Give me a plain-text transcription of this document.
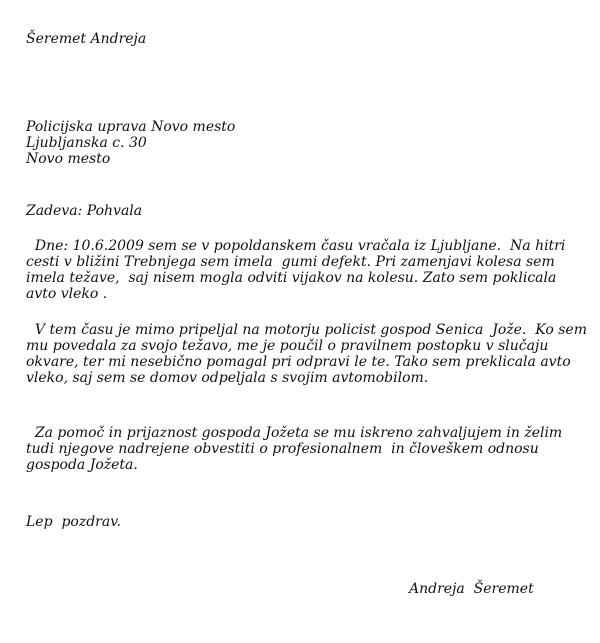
Šeremet Andreja
Policijska uprava Novo mesto
Ljubljanska c. 30
Novo mesto
Zadeva: Pohvala
Dne: 10.6.2009 sem se v popoldanskem času vračala iz Ljubljane.  Na hitri
cesti v bližini Trebnjega sem imela  gumi defekt. Pri zamenjavi kolesa sem
imela težave,  saj nisem mogla odviti vijakov na kolesu. Zato sem poklicala
avto vleko .
V tem času je mimo pripeljal na motorju policist gospod Senica  Jože.  Ko sem
mu povedala za svojo težavo, me je poučil o pravilnem postopku v slučaju
okvare, ter mi nesebično pomagal pri odpravi le te. Tako sem preklicala avto
vleko, saj sem se domov odpeljala s svojim avtomobilom.
Za pomoč in prijaznost gospoda Jožeta se mu iskreno zahvaljujem in želim
tudi njegove nadrejene obvestiti o profesionalnem  in človeškem odnosu
gospoda Jožeta.
Lep  pozdrav.
Andreja  Šeremet
